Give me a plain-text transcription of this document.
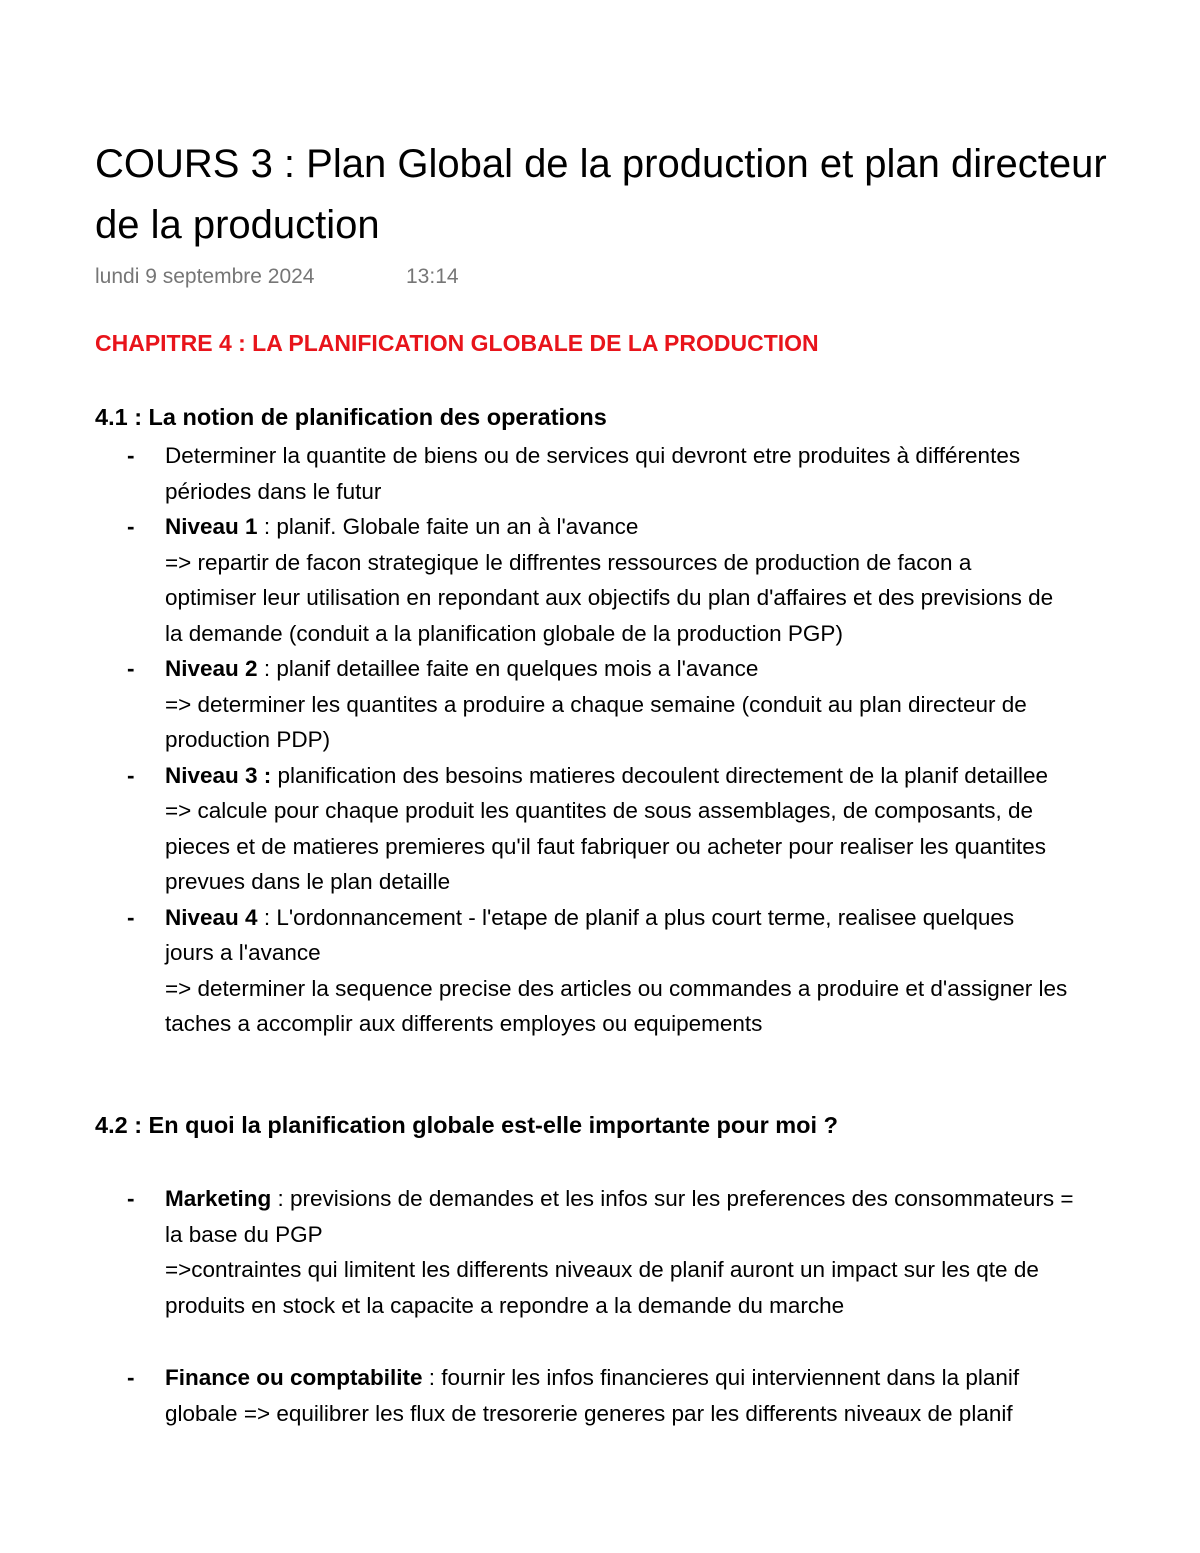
COURS 3 : Plan Global de la production et plan directeur
de la production
lundi 9 septembre 2024	13:14
CHAPITRE 4 : LA PLANIFICATION GLOBALE DE LA PRODUCTION
4.1 : La notion de planification des operations
- Determiner la quantite de biens ou de services qui devront etre produites à différentes
périodes dans le futur
- Niveau 1 : planif. Globale faite un an à l'avance
=> repartir de facon strategique le diffrentes ressources de production de facon a
optimiser leur utilisation en repondant aux objectifs du plan d'affaires et des previsions de
la demande (conduit a la planification globale de la production PGP)
- Niveau 2 : planif detaillee faite en quelques mois a l'avance
=> determiner les quantites a produire a chaque semaine (conduit au plan directeur de
production PDP)
- Niveau 3 : planification des besoins matieres decoulent directement de la planif detaillee
=> calcule pour chaque produit les quantites de sous assemblages, de composants, de
pieces et de matieres premieres qu'il faut fabriquer ou acheter pour realiser les quantites
prevues dans le plan detaille
- Niveau 4 : L'ordonnancement - l'etape de planif a plus court terme, realisee quelques
jours a l'avance
=> determiner la sequence precise des articles ou commandes a produire et d'assigner les
taches a accomplir aux differents employes ou equipements
4.2 : En quoi la planification globale est-elle importante pour moi ?
- Marketing : previsions de demandes et les infos sur les preferences des consommateurs =
la base du PGP
=>contraintes qui limitent les differents niveaux de planif auront un impact sur les qte de
produits en stock et la capacite a repondre a la demande du marche
- Finance ou comptabilite : fournir les infos financieres qui interviennent dans la planif
globale => equilibrer les flux de tresorerie generes par les differents niveaux de planif
